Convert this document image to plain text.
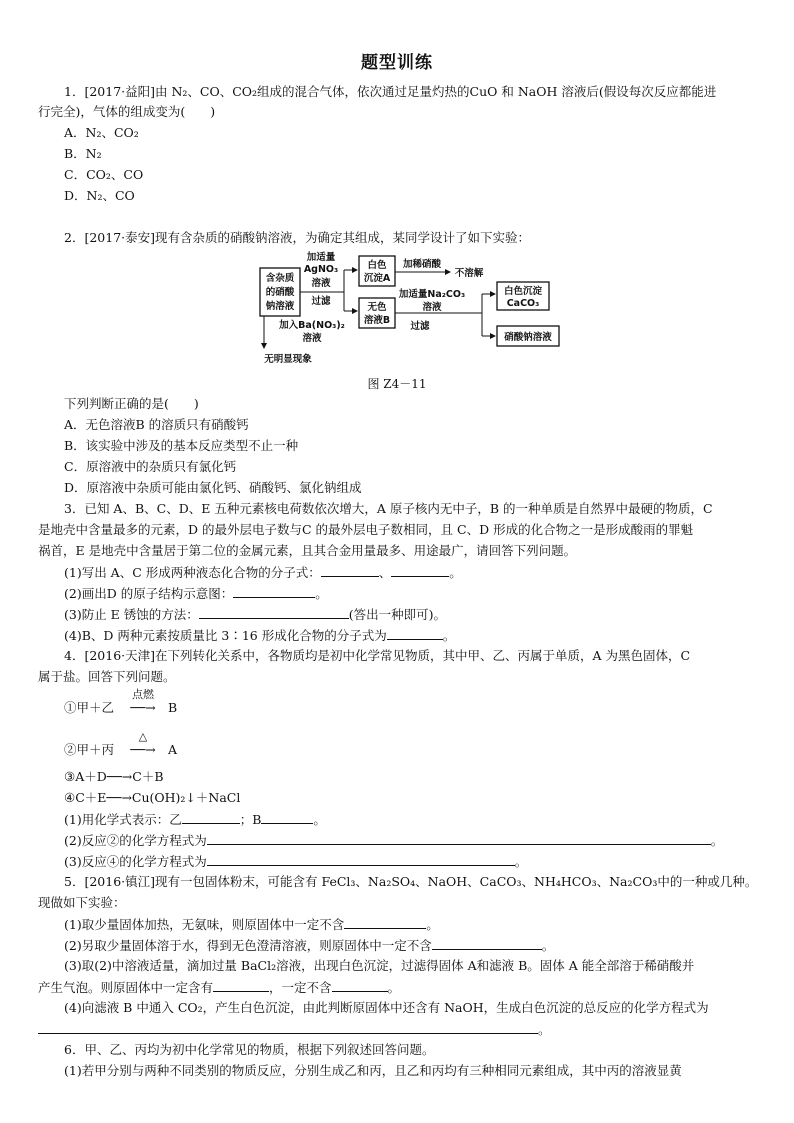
题型训练
1．[2017·益阳]由 N₂、CO、CO₂组成的混合气体，依次通过足量灼热的CuO 和 NaOH 溶液后(假设每次反应都能进
行完全)，气体的组成变为(　　)
A．N₂、CO₂
B．N₂
C．CO₂、CO
D．N₂、CO
2．[2017·泰安]现有含杂质的硝酸钠溶液，为确定其组成，某同学设计了如下实验：
含杂质
的硝酸
钠溶液
加适量
AgNO₃
溶液
过滤
白色
沉淀A
加稀硝酸
不溶解
无色
溶液B
加适量Na₂CO₃
溶液
过滤
白色沉淀
CaCO₃
硝酸钠溶液
加入Ba(NO₃)₂
溶液
无明显现象
图 Z4－11
下列判断正确的是(　　)
A．无色溶液B 的溶质只有硝酸钙
B．该实验中涉及的基本反应类型不止一种
C．原溶液中的杂质只有氯化钙
D．原溶液中杂质可能由氯化钙、硝酸钙、氯化钠组成
3．已知 A、B、C、D、E 五种元素核电荷数依次增大，A 原子核内无中子，B 的一种单质是自然界中最硬的物质，C
是地壳中含量最多的元素，D 的最外层电子数与C 的最外层电子数相同，且 C、D 形成的化合物之一是形成酸雨的罪魁
祸首，E 是地壳中含量居于第二位的金属元素，且其合金用量最多、用途最广，请回答下列问题。
(1)写出 A、C 形成两种液态化合物的分子式：	、	。
(2)画出D 的原子结构示意图：	。
(3)防止 E 锈蚀的方法：	(答出一种即可)。
(4)B、D 两种元素按质量比 3∶16 形成化合物的分子式为	。
4．[2016·天津]在下列转化关系中，各物质均是初中化学常见物质，其中甲、乙、丙属于单质，A 为黑色固体，C
属于盐。回答下列问题。
①甲＋乙
点燃
──→ B
②甲＋丙
△
──→ A
③A＋D──→C＋B
④C＋E──→Cu(OH)₂↓＋NaCl
(1)用化学式表示：乙	；B	。
(2)反应②的化学方程式为	。
(3)反应④的化学方程式为	。
5．[2016·镇江]现有一包固体粉末，可能含有 FeCl₃、Na₂SO₄、NaOH、CaCO₃、NH₄HCO₃、Na₂CO₃中的一种或几种。
现做如下实验：
(1)取少量固体加热，无氨味，则原固体中一定不含	。
(2)另取少量固体溶于水，得到无色澄清溶液，则原固体中一定不含	。
(3)取(2)中溶液适量，滴加过量 BaCl₂溶液，出现白色沉淀，过滤得固体 A和滤液 B。固体 A 能全部溶于稀硝酸并
产生气泡。则原固体中一定含有	，一定不含	。
(4)向滤液 B 中通入 CO₂，产生白色沉淀，由此判断原固体中还含有 NaOH，生成白色沉淀的总反应的化学方程式为
。
6．甲、乙、丙均为初中化学常见的物质，根据下列叙述回答问题。
(1)若甲分别与两种不同类别的物质反应，分别生成乙和丙，且乙和丙均有三种相同元素组成，其中丙的溶液显黄
